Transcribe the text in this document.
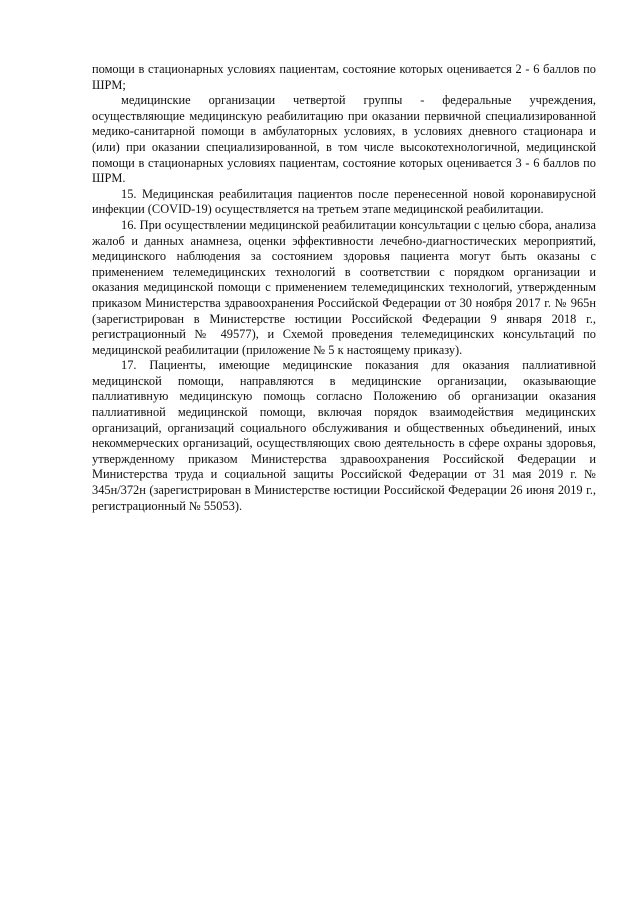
помощи в стационарных условиях пациентам, состояние которых оценивается 2 - 6 баллов по ШРМ;

медицинские организации четвертой группы - федеральные учреждения, осуществляющие медицинскую реабилитацию при оказании первичной специализированной медико-санитарной помощи в амбулаторных условиях, в условиях дневного стационара и (или) при оказании специализированной, в том числе высокотехнологичной, медицинской помощи в стационарных условиях пациентам, состояние которых оценивается 3 - 6 баллов по ШРМ.

15. Медицинская реабилитация пациентов после перенесенной новой коронавирусной инфекции (COVID-19) осуществляется на третьем этапе медицинской реабилитации.

16. При осуществлении медицинской реабилитации консультации с целью сбора, анализа жалоб и данных анамнеза, оценки эффективности лечебно-диагностических мероприятий, медицинского наблюдения за состоянием здоровья пациента могут быть оказаны с применением телемедицинских технологий в соответствии с порядком организации и оказания медицинской помощи с применением телемедицинских технологий, утвержденным приказом Министерства здравоохранения Российской Федерации от 30 ноября 2017 г. № 965н (зарегистрирован в Министерстве юстиции Российской Федерации 9 января 2018 г., регистрационный № 49577), и Схемой проведения телемедицинских консультаций по медицинской реабилитации (приложение № 5 к настоящему приказу).

17. Пациенты, имеющие медицинские показания для оказания паллиативной медицинской помощи, направляются в медицинские организации, оказывающие паллиативную медицинскую помощь согласно Положению об организации оказания паллиативной медицинской помощи, включая порядок взаимодействия медицинских организаций, организаций социального обслуживания и общественных объединений, иных некоммерческих организаций, осуществляющих свою деятельность в сфере охраны здоровья, утвержденному приказом Министерства здравоохранения Российской Федерации и Министерства труда и социальной защиты Российской Федерации от 31 мая 2019 г. № 345н/372н (зарегистрирован в Министерстве юстиции Российской Федерации 26 июня 2019 г., регистрационный № 55053).
